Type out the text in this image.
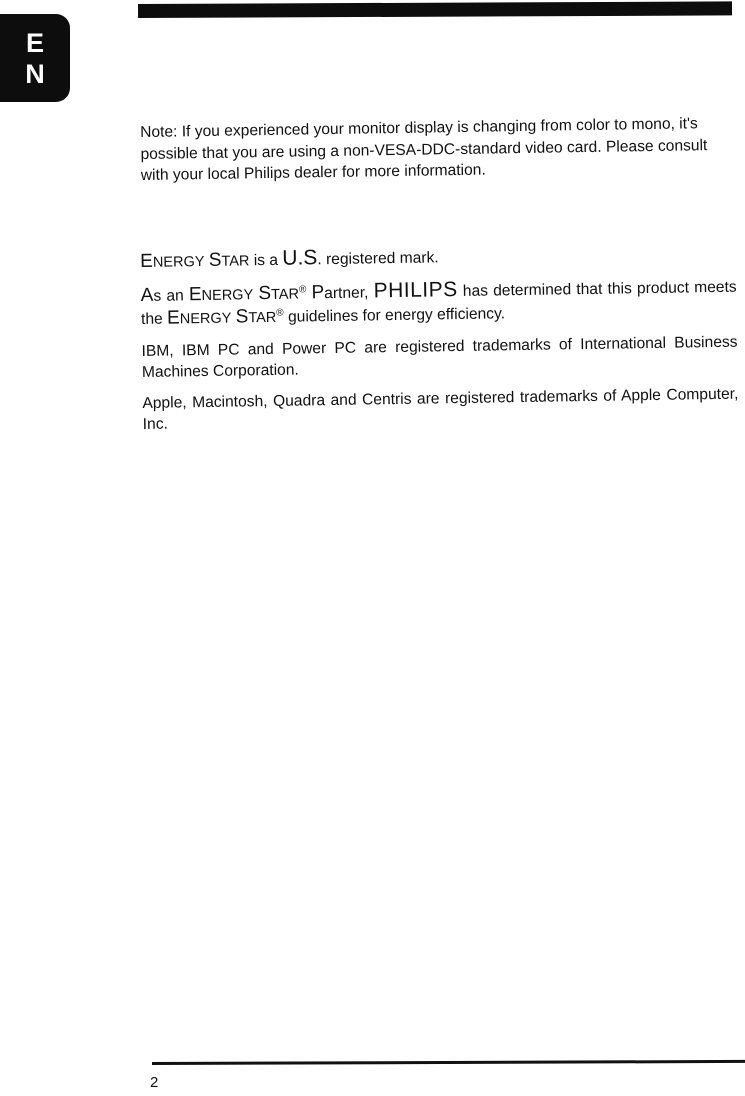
E
N

Note: If you experienced your monitor display is changing from color to mono, it's possible that you are using a non-VESA-DDC-standard video card. Please consult with your local Philips dealer for more information.

ENERGY STAR is a U.S. registered mark.

As an ENERGY STAR® Partner, PHILIPS has determined that this product meets the ENERGY STAR® guidelines for energy efficiency.

IBM, IBM PC and Power PC are registered trademarks of International Business Machines Corporation.

Apple, Macintosh, Quadra and Centris are registered trademarks of Apple Computer, Inc.

2
